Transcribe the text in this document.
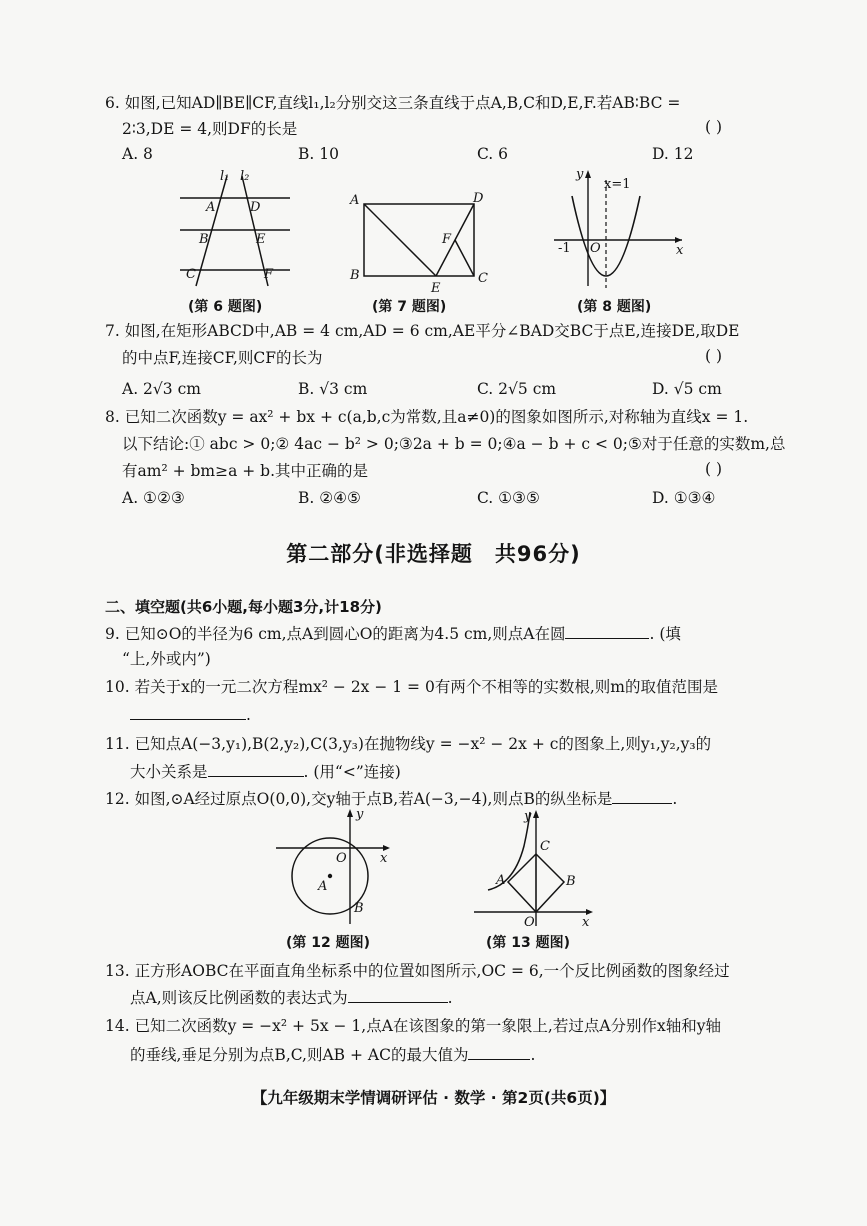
6. 如图,已知AD∥BE∥CF,直线l₁,l₂分别交这三条直线于点A,B,C和D,E,F.若AB∶BC =
2∶3,DE = 4,则DF的长是	( )
A. 8	B. 10	C. 6	D. 12
l₁ l₂
A	D
B	E
C	F
(第 6 题图)
A	D
F
B
E
C
(第 7 题图)
y
x=1
-1 O	x
(第 8 题图)
7. 如图,在矩形ABCD中,AB = 4 cm,AD = 6 cm,AE平分∠BAD交BC于点E,连接DE,取DE
的中点F,连接CF,则CF的长为	( )
A. 2√3 cm	B. √3 cm	C. 2√5 cm	D. √5 cm
8. 已知二次函数y = ax² + bx + c(a,b,c为常数,且a≠0)的图象如图所示,对称轴为直线x = 1.
以下结论:① abc > 0;② 4ac − b² > 0;③2a + b = 0;④a − b + c < 0;⑤对于任意的实数m,总
有am² + bm≥a + b.其中正确的是	( )
A. ①②③	B. ②④⑤	C. ①③⑤	D. ①③④
第二部分(非选择题　共96分)
二、填空题(共6小题,每小题3分,计18分)
9. 已知⊙O的半径为6 cm,点A到圆心O的距离为4.5 cm,则点A在圆	. (填
“上,外或内”)
10. 若关于x的一元二次方程mx² − 2x − 1 = 0有两个不相等的实数根,则m的取值范围是
.
11. 已知点A(−3,y₁),B(2,y₂),C(3,y₃)在抛物线y = −x² − 2x + c的图象上,则y₁,y₂,y₃的
大小关系是	. (用“<”连接)
12. 如图,⊙A经过原点O(0,0),交y轴于点B,若A(−3,−4),则点B的纵坐标是	.
y
O	x
A
B
(第 12 题图)
y
C
A	B
O	x
(第 13 题图)
13. 正方形AOBC在平面直角坐标系中的位置如图所示,OC = 6,一个反比例函数的图象经过
点A,则该反比例函数的表达式为	.
14. 已知二次函数y = −x² + 5x − 1,点A在该图象的第一象限上,若过点A分别作x轴和y轴
的垂线,垂足分别为点B,C,则AB + AC的最大值为	.
【九年级期末学情调研评估 · 数学 · 第2页(共6页)】
